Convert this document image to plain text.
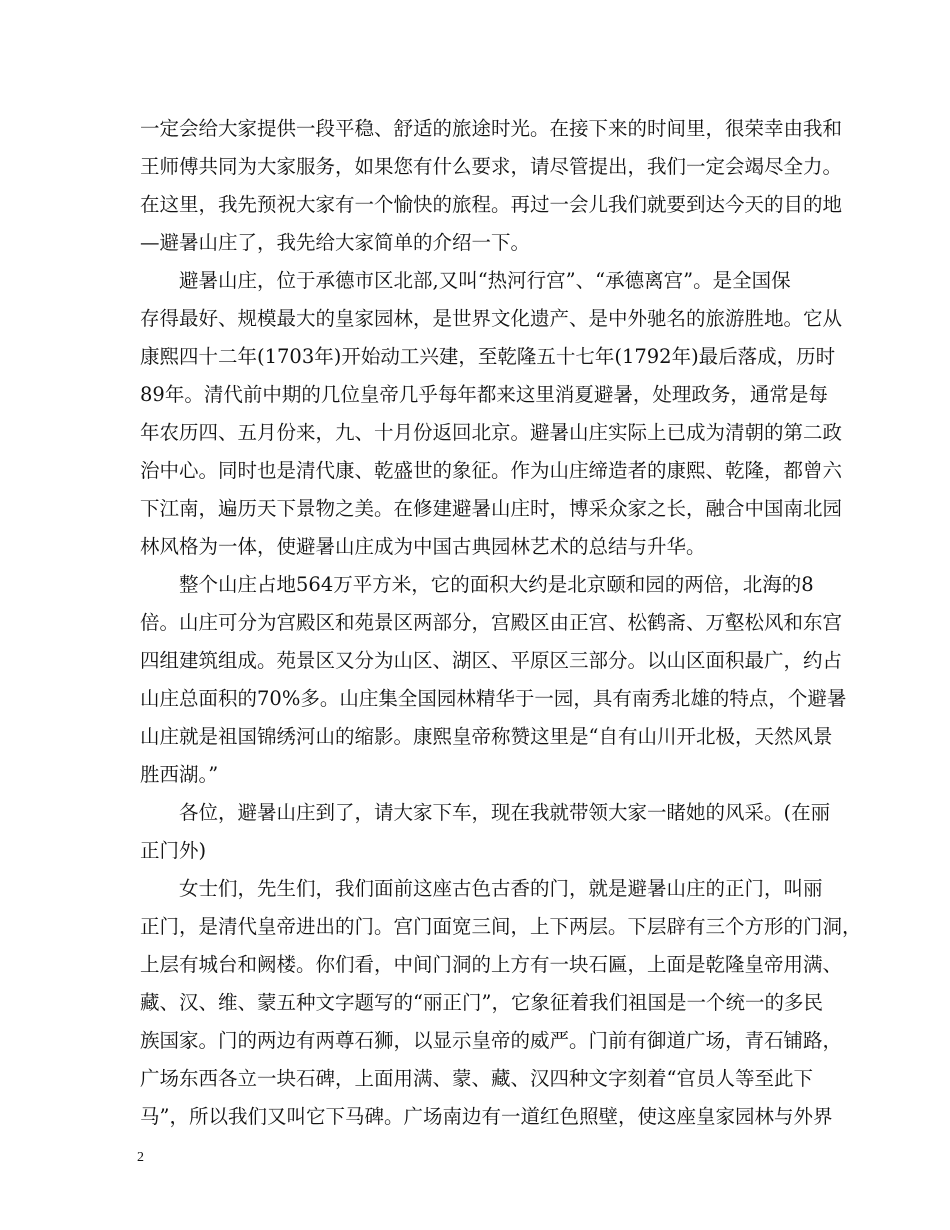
一定会给大家提供一段平稳、舒适的旅途时光。在接下来的时间里，很荣幸由我和
王师傅共同为大家服务，如果您有什么要求，请尽管提出，我们一定会竭尽全力。
在这里，我先预祝大家有一个愉快的旅程。再过一会儿我们就要到达今天的目的地
—避暑山庄了，我先给大家简单的介绍一下。
　　避暑山庄，位于承德市区北部,又叫“热河行宫”、“承德离宫”。是全国保
存得最好、规模最大的皇家园林，是世界文化遗产、是中外驰名的旅游胜地。它从
康熙四十二年(1703年)开始动工兴建，至乾隆五十七年(1792年)最后落成，历时
89年。清代前中期的几位皇帝几乎每年都来这里消夏避暑，处理政务，通常是每
年农历四、五月份来，九、十月份返回北京。避暑山庄实际上已成为清朝的第二政
治中心。同时也是清代康、乾盛世的象征。作为山庄缔造者的康熙、乾隆，都曾六
下江南，遍历天下景物之美。在修建避暑山庄时，博采众家之长，融合中国南北园
林风格为一体，使避暑山庄成为中国古典园林艺术的总结与升华。
　　整个山庄占地564万平方米，它的面积大约是北京颐和园的两倍，北海的8
倍。山庄可分为宫殿区和苑景区两部分，宫殿区由正宫、松鹤斋、万壑松风和东宫
四组建筑组成。苑景区又分为山区、湖区、平原区三部分。以山区面积最广，约占
山庄总面积的70%多。山庄集全国园林精华于一园，具有南秀北雄的特点，个避暑
山庄就是祖国锦绣河山的缩影。康熙皇帝称赞这里是“自有山川开北极，天然风景
胜西湖。”
　　各位，避暑山庄到了，请大家下车，现在我就带领大家一睹她的风采。(在丽
正门外)
　　女士们，先生们，我们面前这座古色古香的门，就是避暑山庄的正门，叫丽
正门，是清代皇帝进出的门。宫门面宽三间，上下两层。下层辟有三个方形的门洞，
上层有城台和阙楼。你们看，中间门洞的上方有一块石匾，上面是乾隆皇帝用满、
藏、汉、维、蒙五种文字题写的“丽正门”，它象征着我们祖国是一个统一的多民
族国家。门的两边有两尊石狮，以显示皇帝的威严。门前有御道广场，青石铺路，
广场东西各立一块石碑，上面用满、蒙、藏、汉四种文字刻着“官员人等至此下
马”，所以我们又叫它下马碑。广场南边有一道红色照壁，使这座皇家园林与外界
2
